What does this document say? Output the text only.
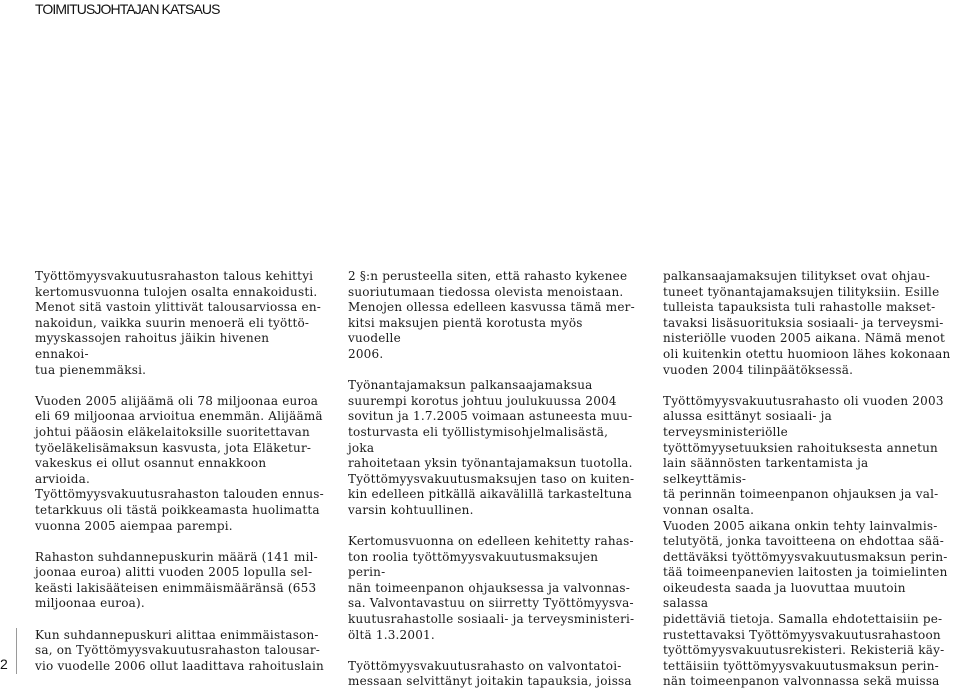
TOIMITUSJOHTAJAN KATSAUS

Työttömyysvakuutusrahaston talous kehittyi
kertomusvuonna tulojen osalta ennakoidusti.
Menot sitä vastoin ylittivät talousarviossa en-
nakoidun, vaikka suurin menoerä eli työttö-
myyskassojen rahoitus jäikin hivenen ennakoi-
tua pienemmäksi.

Vuoden 2005 alijäämä oli 78 miljoonaa euroa
eli 69 miljoonaa arvioitua enemmän. Alijäämä
johtui pääosin eläkelaitoksille suoritettavan
työeläkelisämaksun kasvusta, jota Eläketur-
vakeskus ei ollut osannut ennakkoon arvioida.
Työttömyysvakuutusrahaston talouden ennus-
tetarkkuus oli tästä poikkeamasta huolimatta
vuonna 2005 aiempaa parempi.

Rahaston suhdannepuskurin määrä (141 mil-
joonaa euroa) alitti vuoden 2005 lopulla sel-
keästi lakisääteisen enimmäismääränsä (653
miljoonaa euroa).

Kun suhdannepuskuri alittaa enimmäistason-
sa, on Työttömyysvakuutusrahaston talousar-
vio vuodelle 2006 ollut laadittava rahoituslain

2 §:n perusteella siten, että rahasto kykenee
suoriutumaan tiedossa olevista menoistaan.
Menojen ollessa edelleen kasvussa tämä mer-
kitsi maksujen pientä korotusta myös vuodelle
2006.

Työnantajamaksun palkansaajamaksua
suurempi korotus johtuu joulukuussa 2004
sovitun ja 1.7.2005 voimaan astuneesta muu-
tosturvasta eli työllistymisohjelmalisästä, joka
rahoitetaan yksin työnantajamaksun tuotolla.
Työttömyysvakuutusmaksujen taso on kuiten-
kin edelleen pitkällä aikavälillä tarkasteltuna
varsin kohtuullinen.

Kertomusvuonna on edelleen kehitetty rahas-
ton roolia työttömyysvakuutusmaksujen perin-
nän toimeenpanon ohjauksessa ja valvonnas-
sa. Valvontavastuu on siirretty Työttömyysva-
kuutusrahastolle sosiaali- ja terveysministeri-
öltä 1.3.2001.

Työttömyysvakuutusrahasto on valvontatoi-
messaan selvittänyt joitakin tapauksia, joissa

palkansaajamaksujen tilitykset ovat ohjau-
tuneet työnantajamaksujen tilityksiin. Esille
tulleista tapauksista tuli rahastolle makset-
tavaksi lisäsuorituksia sosiaali- ja terveysmi-
nisteriölle vuoden 2005 aikana. Nämä menot
oli kuitenkin otettu huomioon lähes kokonaan
vuoden 2004 tilinpäätöksessä.

Työttömyysvakuutusrahasto oli vuoden 2003
alussa esittänyt sosiaali- ja terveysministeriölle
työttömyysetuuksien rahoituksesta annetun
lain säännösten tarkentamista ja selkeyttämis-
tä perinnän toimeenpanon ohjauksen ja val-
vonnan osalta.
Vuoden 2005 aikana onkin tehty lainvalmis-
telutyötä, jonka tavoitteena on ehdottaa sää-
dettäväksi työttömyysvakuutusmaksun perin-
tää toimeenpanevien laitosten ja toimielinten
oikeudesta saada ja luovuttaa muutoin salassa
pidettäviä tietoja. Samalla ehdotettaisiin pe-
rustettavaksi Työttömyysvakuutusrahastoon
työttömyysvakuutusrekisteri. Rekisteriä käy-
tettäisiin työttömyysvakuutusmaksun perin-
nän toimeenpanon valvonnassa sekä muissa

2
